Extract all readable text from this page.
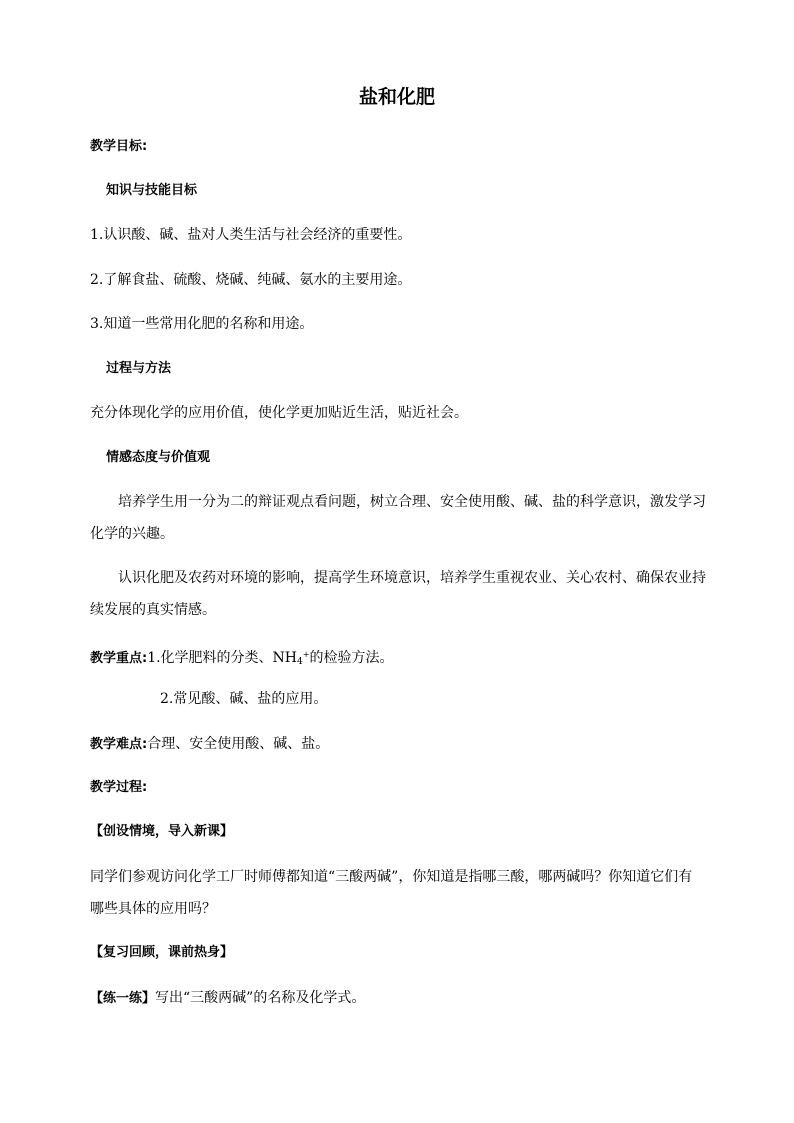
盐和化肥
教学目标:
知识与技能目标
1.认识酸、碱、盐对人类生活与社会经济的重要性。
2.了解食盐、硫酸、烧碱、纯碱、氨水的主要用途。
3.知道一些常用化肥的名称和用途。
过程与方法
充分体现化学的应用价值，使化学更加贴近生活，贴近社会。
情感态度与价值观
培养学生用一分为二的辩证观点看问题，树立合理、安全使用酸、碱、盐的科学意识，激发学习
化学的兴趣。
认识化肥及农药对环境的影响，提高学生环境意识，培养学生重视农业、关心农村、确保农业持
续发展的真实情感。
教学重点:1.化学肥料的分类、$NH_4^+$的检验方法。
2.常见酸、碱、盐的应用。
教学难点:合理、安全使用酸、碱、盐。
教学过程:
【创设情境，导入新课】
同学们参观访问化学工厂时师傅都知道“三酸两碱”，你知道是指哪三酸，哪两碱吗？你知道它们有
哪些具体的应用吗？
【复习回顾，课前热身】
【练一练】写出“三酸两碱”的名称及化学式。
